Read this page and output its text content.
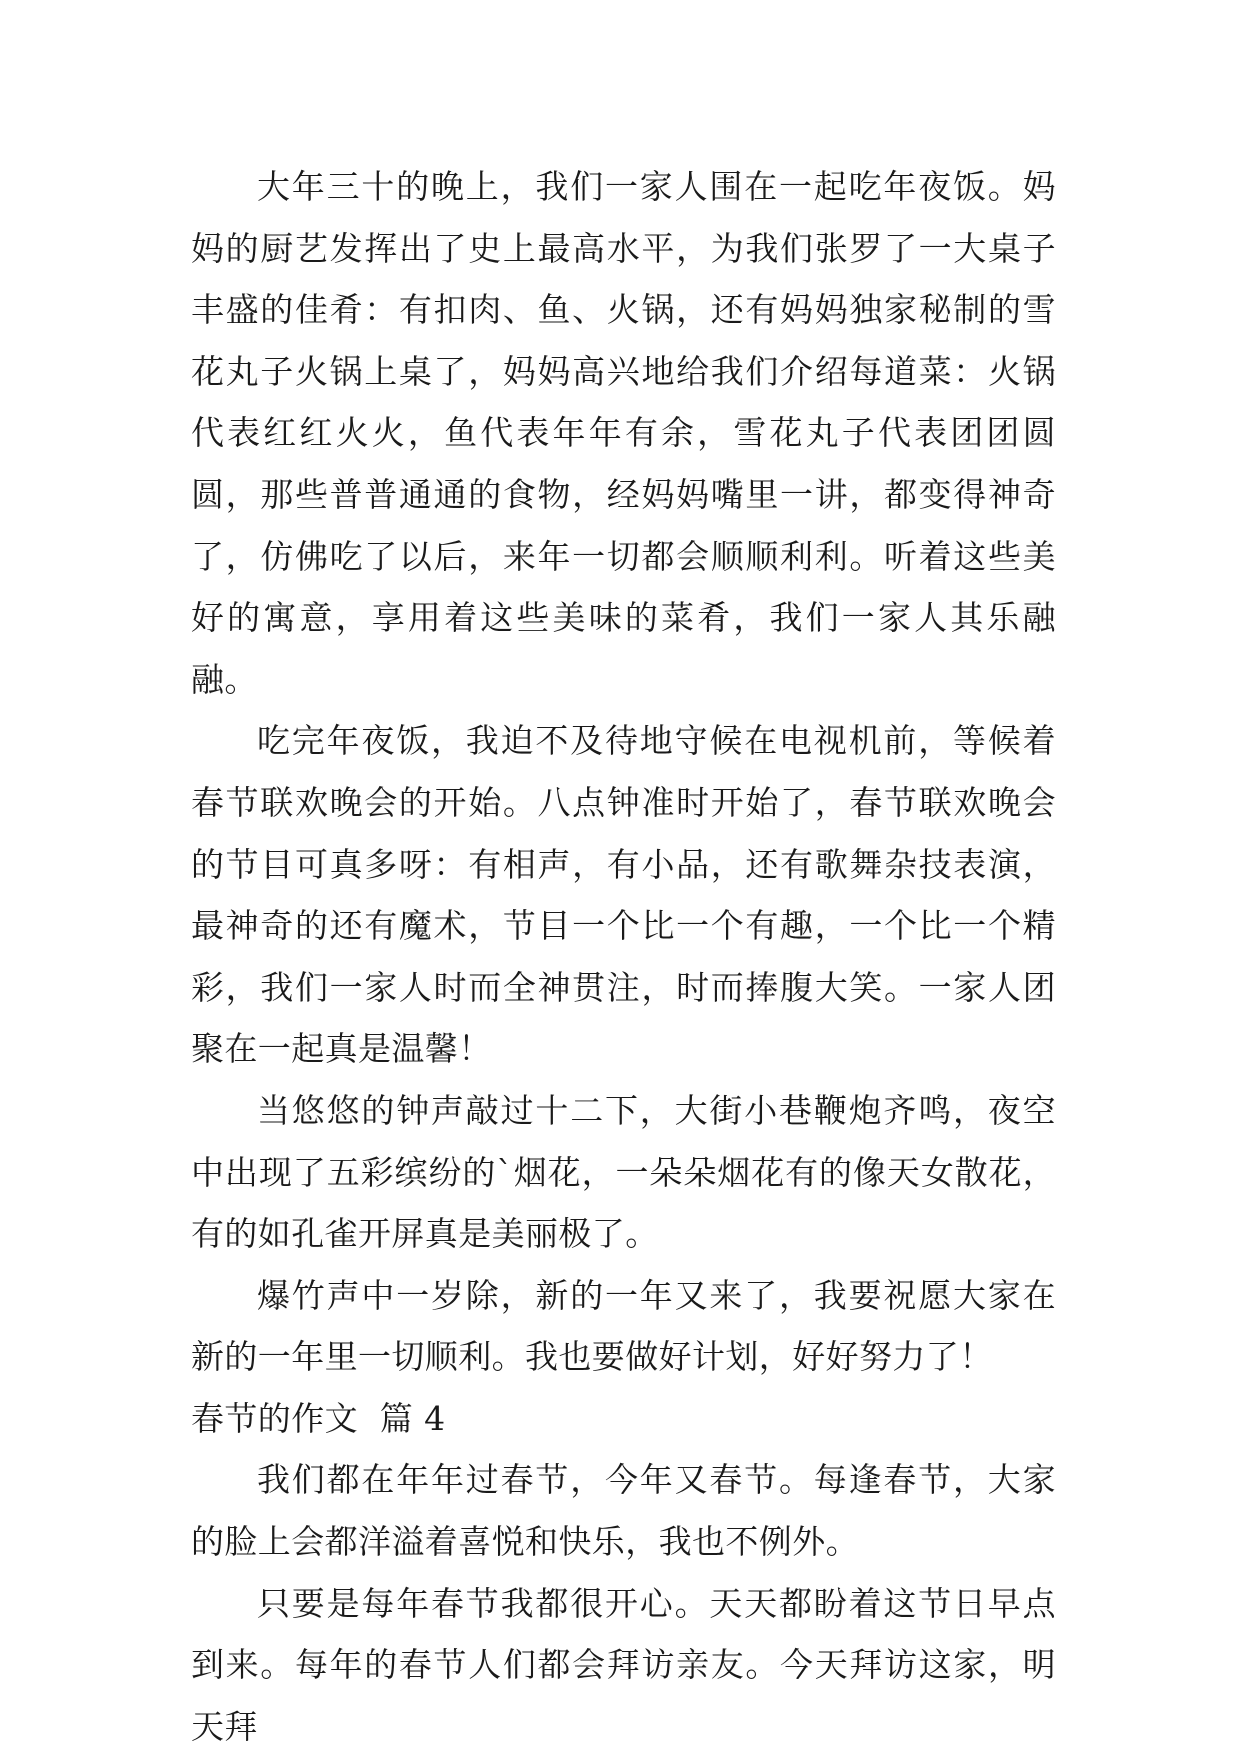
大年三十的晚上，我们一家人围在一起吃年夜饭。妈妈的厨艺发挥出了史上最高水平，为我们张罗了一大桌子丰盛的佳肴：有扣肉、鱼、火锅，还有妈妈独家秘制的雪花丸子火锅上桌了，妈妈高兴地给我们介绍每道菜：火锅代表红红火火，鱼代表年年有余，雪花丸子代表团团圆圆，那些普普通通的食物，经妈妈嘴里一讲，都变得神奇了，仿佛吃了以后，来年一切都会顺顺利利。听着这些美好的寓意，享用着这些美味的菜肴，我们一家人其乐融融。

吃完年夜饭，我迫不及待地守候在电视机前，等候着春节联欢晚会的开始。八点钟准时开始了，春节联欢晚会的节目可真多呀：有相声，有小品，还有歌舞杂技表演，最神奇的还有魔术，节目一个比一个有趣，一个比一个精彩，我们一家人时而全神贯注，时而捧腹大笑。一家人团聚在一起真是温馨！

当悠悠的钟声敲过十二下，大街小巷鞭炮齐鸣，夜空中出现了五彩缤纷的`烟花，一朵朵烟花有的像天女散花，有的如孔雀开屏真是美丽极了。

爆竹声中一岁除，新的一年又来了，我要祝愿大家在新的一年里一切顺利。我也要做好计划，好好努力了！

春节的作文  篇 4

我们都在年年过春节，今年又春节。每逢春节，大家的脸上会都洋溢着喜悦和快乐，我也不例外。

只要是每年春节我都很开心。天天都盼着这节日早点到来。每年的春节人们都会拜访亲友。今天拜访这家，明天拜
